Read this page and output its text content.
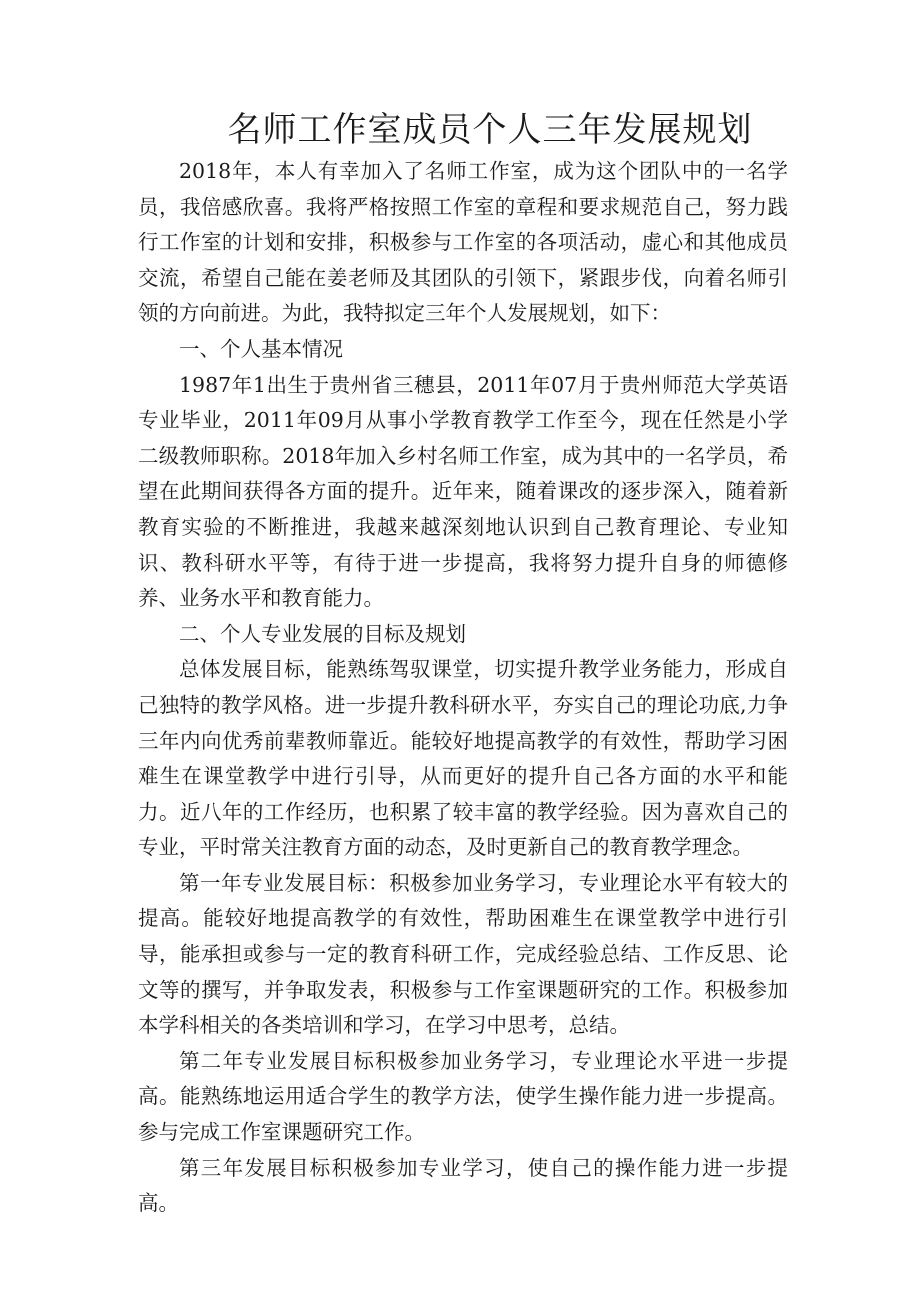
名师工作室成员个人三年发展规划

2018年，本人有幸加入了名师工作室，成为这个团队中的一名学员，我倍感欣喜。我将严格按照工作室的章程和要求规范自己，努力践行工作室的计划和安排，积极参与工作室的各项活动，虚心和其他成员交流，希望自己能在姜老师及其团队的引领下，紧跟步伐，向着名师引领的方向前进。为此，我特拟定三年个人发展规划，如下：

一、个人基本情况

1987年1出生于贵州省三穗县，2011年07月于贵州师范大学英语专业毕业，2011年09月从事小学教育教学工作至今，现在任然是小学二级教师职称。2018年加入乡村名师工作室，成为其中的一名学员，希望在此期间获得各方面的提升。近年来，随着课改的逐步深入，随着新教育实验的不断推进，我越来越深刻地认识到自己教育理论、专业知识、教科研水平等，有待于进一步提高，我将努力提升自身的师德修养、业务水平和教育能力。

二、个人专业发展的目标及规划

总体发展目标，能熟练驾驭课堂，切实提升教学业务能力，形成自己独特的教学风格。进一步提升教科研水平，夯实自己的理论功底,力争三年内向优秀前辈教师靠近。能较好地提高教学的有效性，帮助学习困难生在课堂教学中进行引导，从而更好的提升自己各方面的水平和能力。近八年的工作经历，也积累了较丰富的教学经验。因为喜欢自己的专业，平时常关注教育方面的动态，及时更新自己的教育教学理念。

第一年专业发展目标：积极参加业务学习，专业理论水平有较大的提高。能较好地提高教学的有效性，帮助困难生在课堂教学中进行引导，能承担或参与一定的教育科研工作，完成经验总结、工作反思、论文等的撰写，并争取发表，积极参与工作室课题研究的工作。积极参加本学科相关的各类培训和学习，在学习中思考，总结。

第二年专业发展目标积极参加业务学习，专业理论水平进一步提高。能熟练地运用适合学生的教学方法，使学生操作能力进一步提高。参与完成工作室课题研究工作。

第三年发展目标积极参加专业学习，使自己的操作能力进一步提高。
